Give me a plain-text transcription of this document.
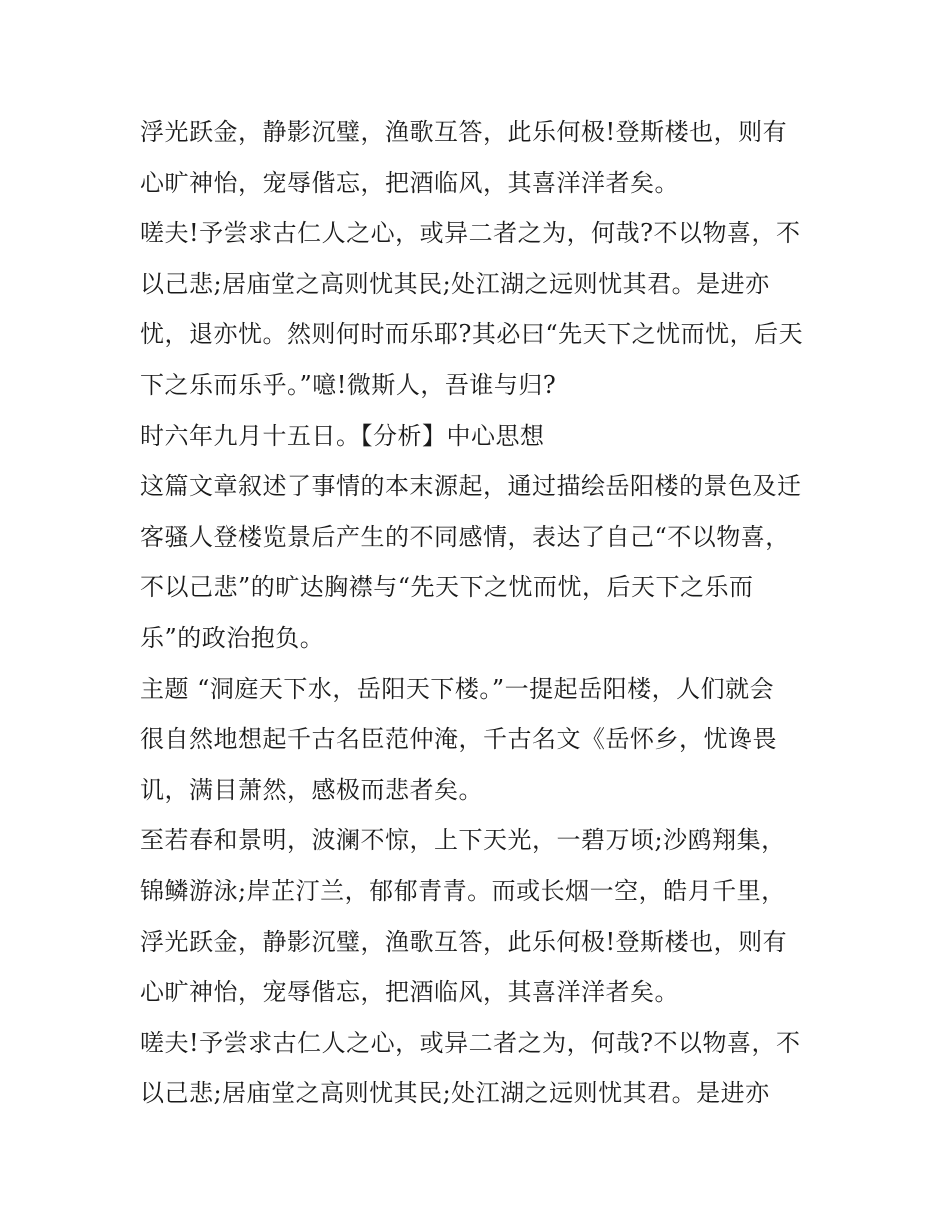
浮光跃金，静影沉璧，渔歌互答，此乐何极!登斯楼也，则有
心旷神怡，宠辱偕忘，把酒临风，其喜洋洋者矣。
嗟夫!予尝求古仁人之心，或异二者之为，何哉?不以物喜，不
以己悲;居庙堂之高则忧其民;处江湖之远则忧其君。是进亦
忧，退亦忧。然则何时而乐耶?其必曰“先天下之忧而忧，后天
下之乐而乐乎。”噫!微斯人，吾谁与归?
时六年九月十五日。【分析】中心思想
这篇文章叙述了事情的本末源起，通过描绘岳阳楼的景色及迁
客骚人登楼览景后产生的不同感情，表达了自己“不以物喜，
不以己悲”的旷达胸襟与“先天下之忧而忧，后天下之乐而
乐”的政治抱负。
主题 “洞庭天下水，岳阳天下楼。”一提起岳阳楼，人们就会
很自然地想起千古名臣范仲淹，千古名文《岳怀乡，忧谗畏
讥，满目萧然，感极而悲者矣。
至若春和景明，波澜不惊，上下天光，一碧万顷;沙鸥翔集，
锦鳞游泳;岸芷汀兰，郁郁青青。而或长烟一空，皓月千里，
浮光跃金，静影沉璧，渔歌互答，此乐何极!登斯楼也，则有
心旷神怡，宠辱偕忘，把酒临风，其喜洋洋者矣。
嗟夫!予尝求古仁人之心，或异二者之为，何哉?不以物喜，不
以己悲;居庙堂之高则忧其民;处江湖之远则忧其君。是进亦
